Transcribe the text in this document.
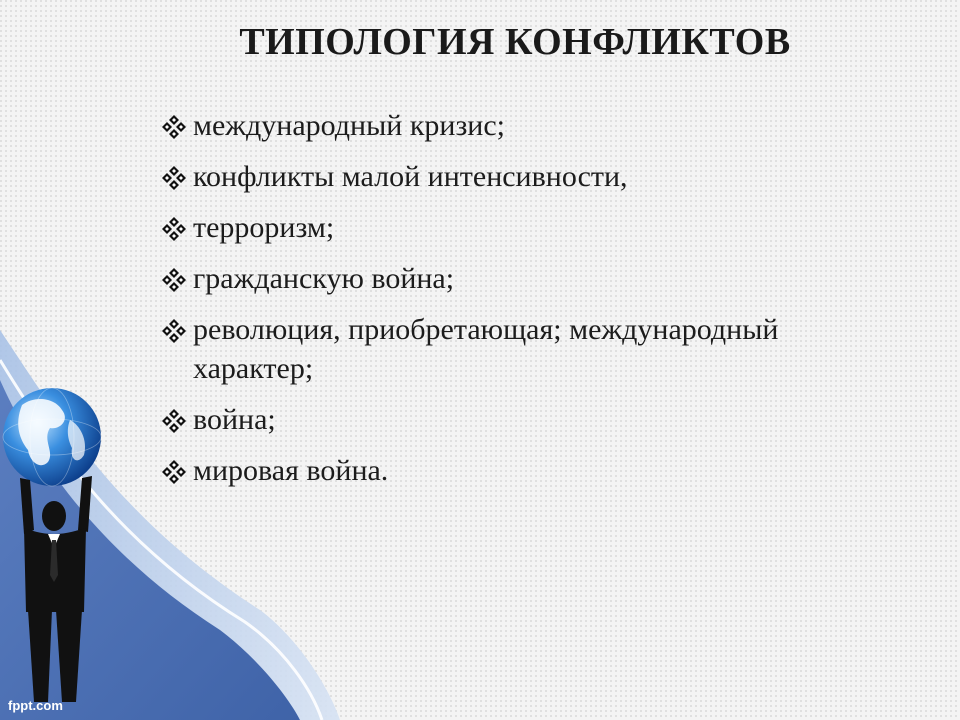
ТИПОЛОГИЯ КОНФЛИКТОВ
международный кризис;
конфликты малой интенсивности,
терроризм;
гражданскую война;
революция, приобретающая; международный характер;
война;
мировая война.
fppt.com
